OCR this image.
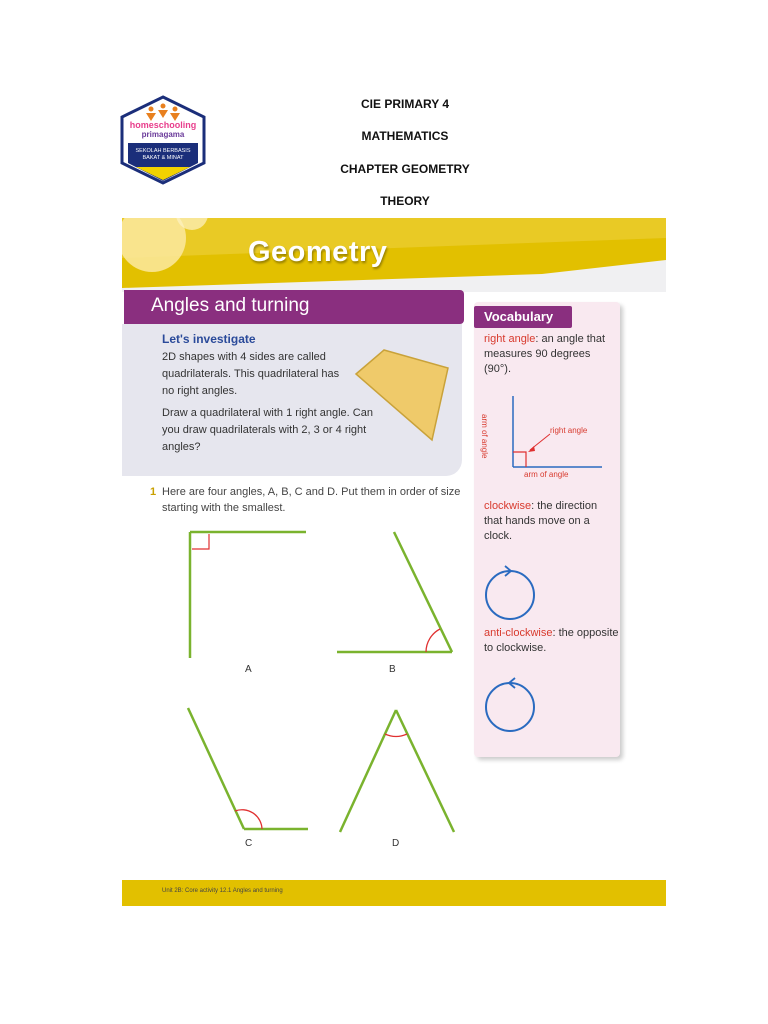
homeschooling
primagama
SEKOLAH BERBASIS
BAKAT & MINAT
CIE PRIMARY 4
MATHEMATICS
CHAPTER GEOMETRY
THEORY
Geometry
Angles and turning
Let's investigate
2D shapes with 4 sides are called quadrilaterals. This quadrilateral has no right angles.
Draw a quadrilateral with 1 right angle. Can you draw quadrilaterals with 2, 3 or 4 right angles?
1 Here are four angles, A, B, C and D. Put them in order of size starting with the smallest.
A	B
C	D
Vocabulary
right angle: an angle that measures 90 degrees (90°).
arm of angle
arm of angle
right angle
clockwise: the direction that hands move on a clock.
anti-clockwise: the opposite to clockwise.
Unit 2B: Core activity 12.1 Angles and turning
